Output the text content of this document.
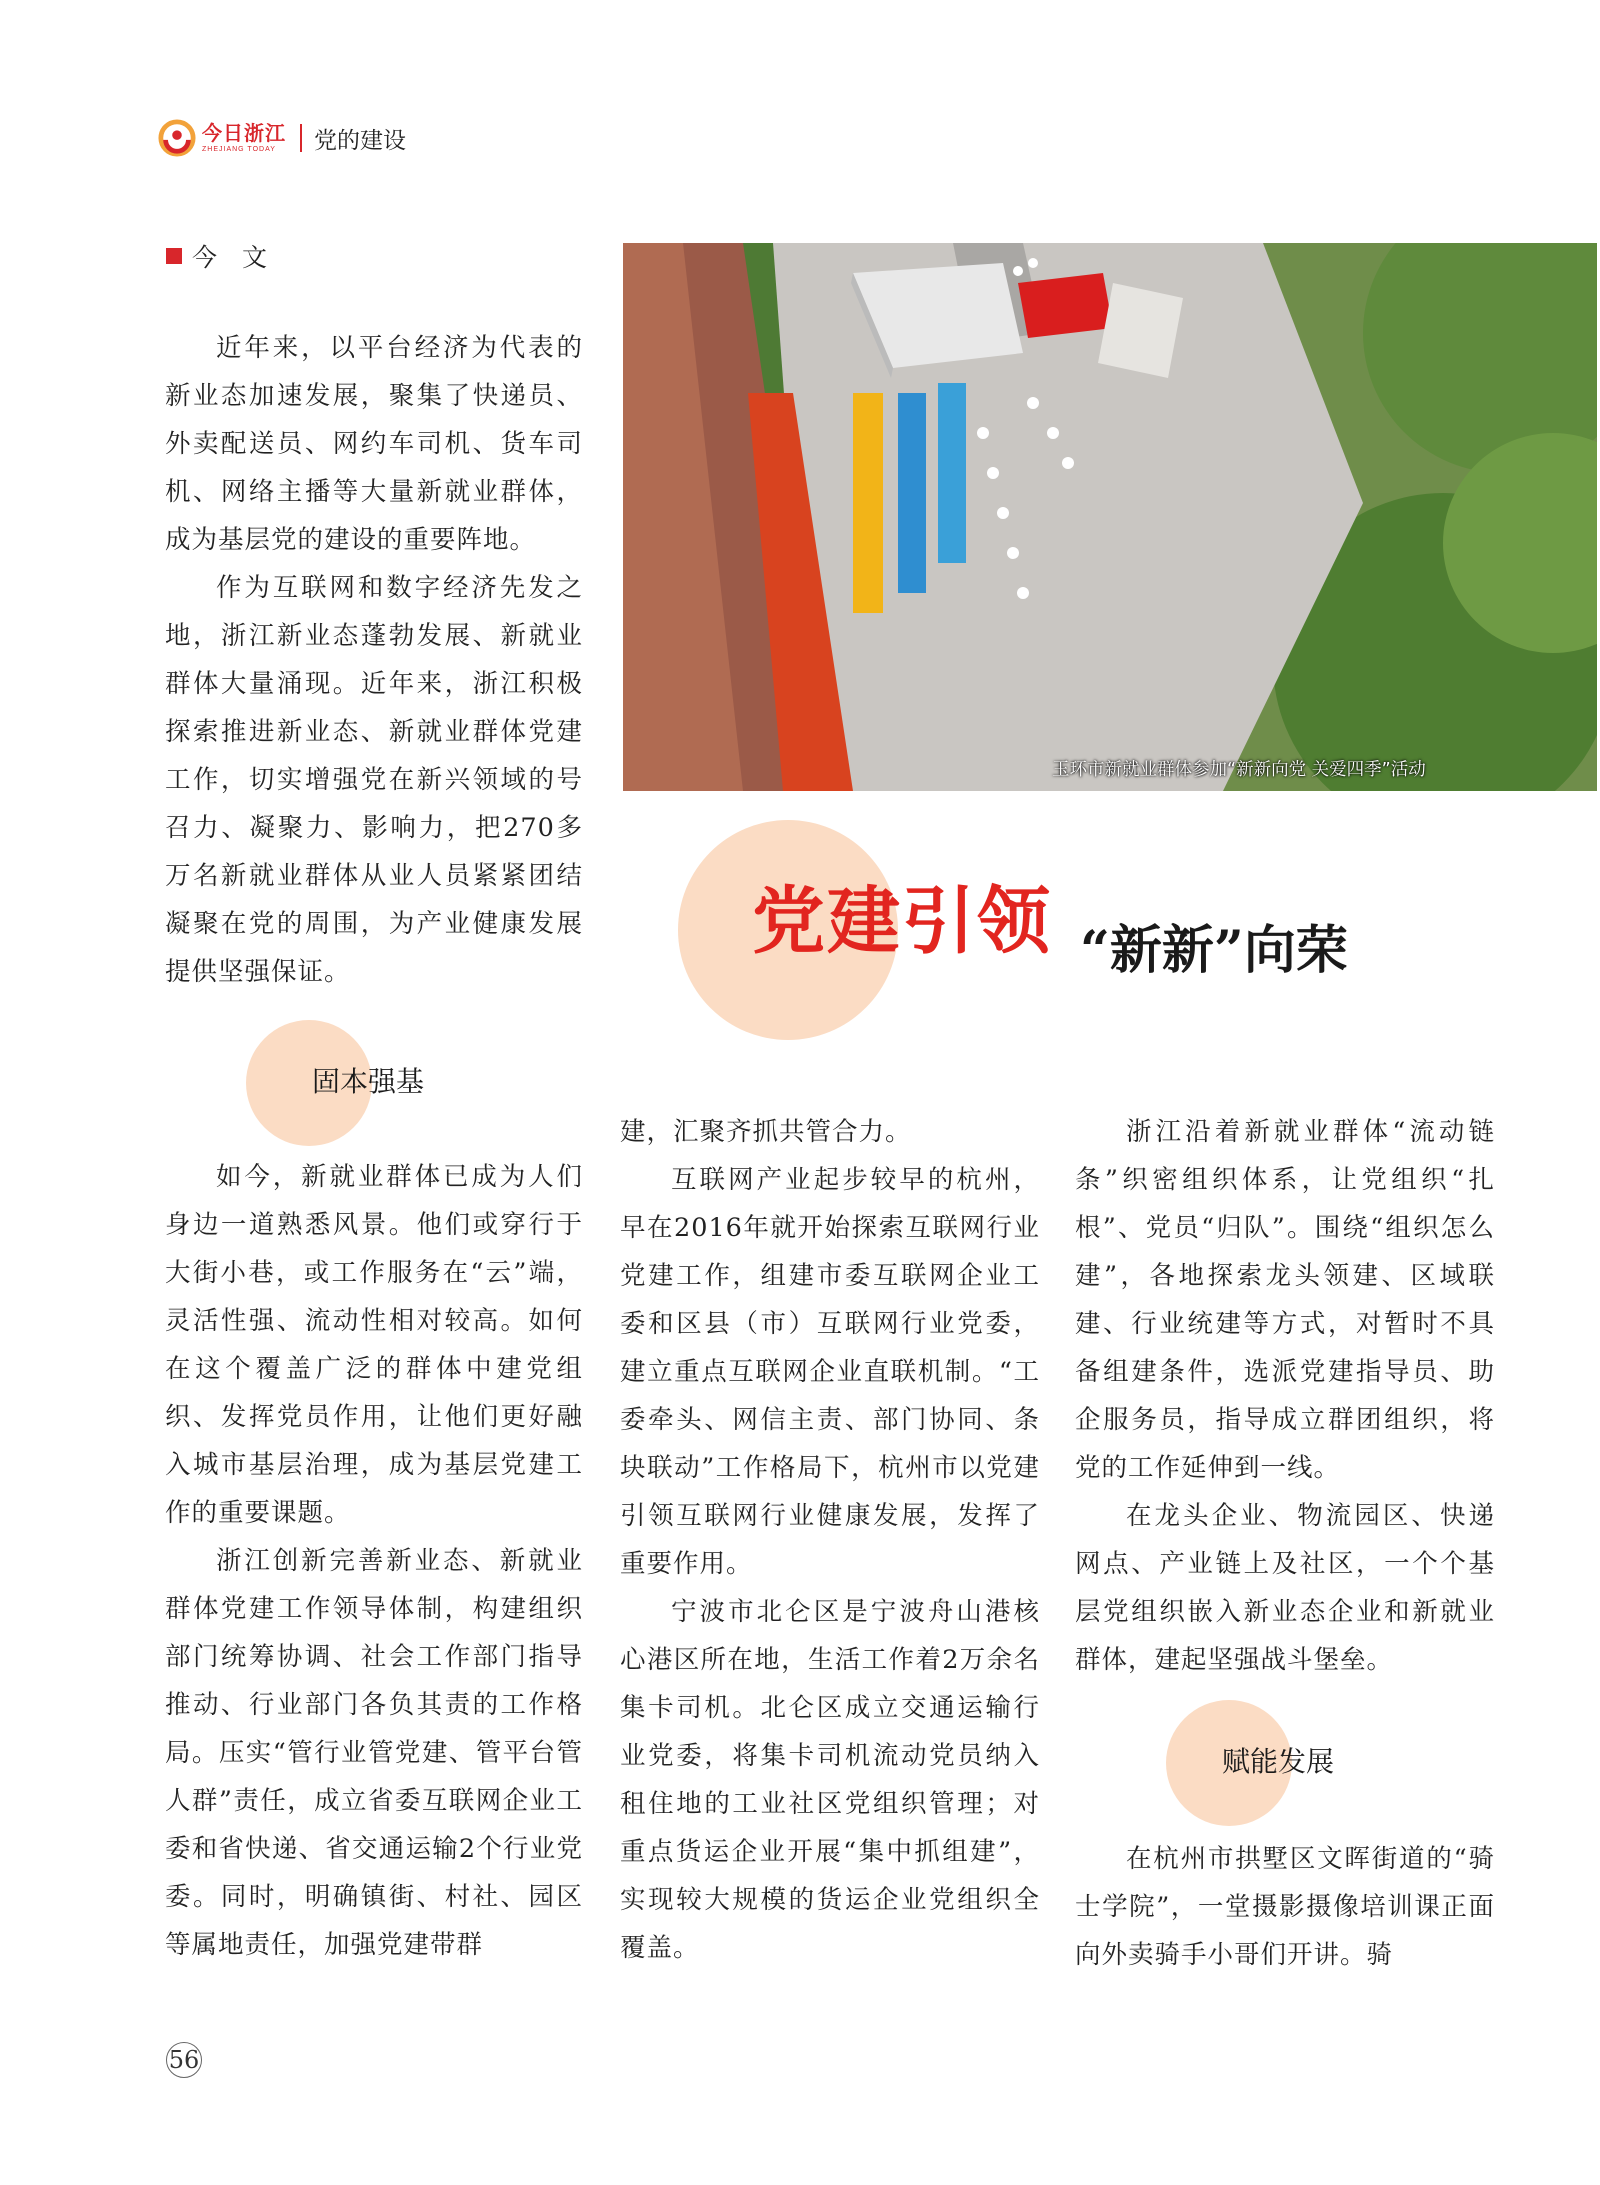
今日浙江
ZHEJIANG TODAY	党的建设
今　文

近年来，以平台经济为代表的新业态加速发展，聚集了快递员、外卖配送员、网约车司机、货车司机、网络主播等大量新就业群体，成为基层党的建设的重要阵地。

作为互联网和数字经济先发之地，浙江新业态蓬勃发展、新就业群体大量涌现。近年来，浙江积极探索推进新业态、新就业群体党建工作，切实增强党在新兴领域的号召力、凝聚力、影响力，把270多万名新就业群体从业人员紧紧团结凝聚在党的周围，为产业健康发展提供坚强保证。

玉环市新就业群体参加“新新向党 关爱四季”活动
党建引领 “新新”向荣
固本强基

如今，新就业群体已成为人们身边一道熟悉风景。他们或穿行于大街小巷，或工作服务在“云”端，灵活性强、流动性相对较高。如何在这个覆盖广泛的群体中建党组织、发挥党员作用，让他们更好融入城市基层治理，成为基层党建工作的重要课题。

浙江创新完善新业态、新就业群体党建工作领导体制，构建组织部门统筹协调、社会工作部门指导推动、行业部门各负其责的工作格局。压实“管行业管党建、管平台管人群”责任，成立省委互联网企业工委和省快递、省交通运输2个行业党委。同时，明确镇街、村社、园区等属地责任，加强党建带群

建，汇聚齐抓共管合力。

互联网产业起步较早的杭州，早在2016年就开始探索互联网行业党建工作，组建市委互联网企业工委和区县（市）互联网行业党委，建立重点互联网企业直联机制。“工委牵头、网信主责、部门协同、条块联动”工作格局下，杭州市以党建引领互联网行业健康发展，发挥了重要作用。

宁波市北仑区是宁波舟山港核心港区所在地，生活工作着2万余名集卡司机。北仑区成立交通运输行业党委，将集卡司机流动党员纳入租住地的工业社区党组织管理；对重点货运企业开展“集中抓组建”，实现较大规模的货运企业党组织全覆盖。

浙江沿着新就业群体“流动链条”织密组织体系，让党组织“扎根”、党员“归队”。围绕“组织怎么建”，各地探索龙头领建、区域联建、行业统建等方式，对暂时不具备组建条件，选派党建指导员、助企服务员，指导成立群团组织，将党的工作延伸到一线。

在龙头企业、物流园区、快递网点、产业链上及社区，一个个基层党组织嵌入新业态企业和新就业群体，建起坚强战斗堡垒。

赋能发展

在杭州市拱墅区文晖街道的“骑士学院”，一堂摄影摄像培训课正面向外卖骑手小哥们开讲。骑

56
